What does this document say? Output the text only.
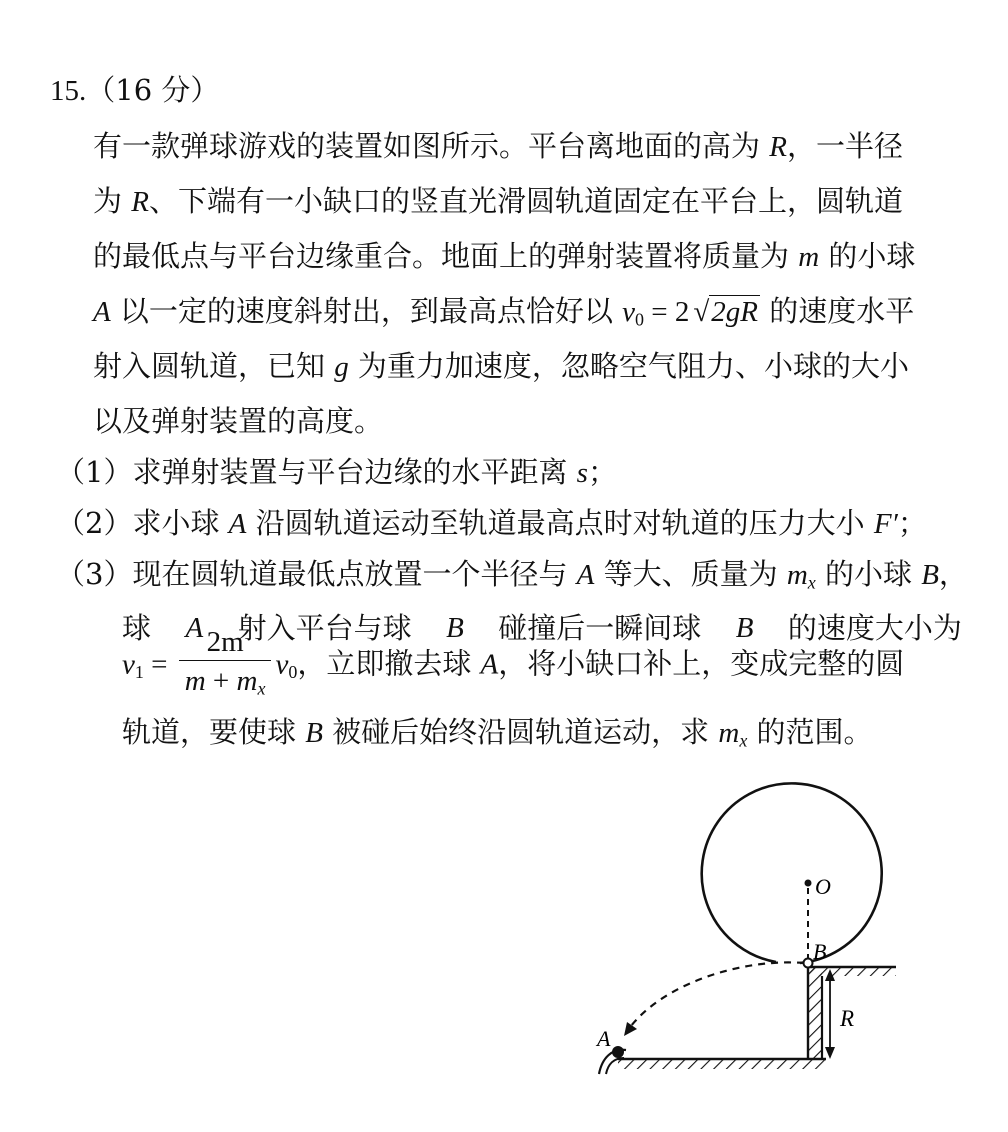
15.（16 分）
有一款弹球游戏的装置如图所示。平台离地面的高为 R，一半径
为 R、下端有一小缺口的竖直光滑圆轨道固定在平台上，圆轨道
的最低点与平台边缘重合。地面上的弹射装置将质量为 m 的小球
A 以一定的速度斜射出，到最高点恰好以 $v_0 = 2$ √2gR 的速度水平
射入圆轨道，已知 g 为重力加速度，忽略空气阻力、小球的大小
以及弹射装置的高度。
（1）求弹射装置与平台边缘的水平距离 s；
（2）求小球 A 沿圆轨道运动至轨道最高点时对轨道的压力大小 F′；
（3）现在圆轨道最低点放置一个半径与 A 等大、质量为 $m_x$ 的小球 B，
球 A 射入平台与球 B 碰撞后一瞬间球 B 的速度大小为
$v_1 = \frac{2m}{m + m_x} v_0$，立即撤去球 A，将小缺口补上，变成完整的圆
轨道，要使球 B 被碰后始终沿圆轨道运动，求 $m_x$ 的范围。
O
R
B
A
